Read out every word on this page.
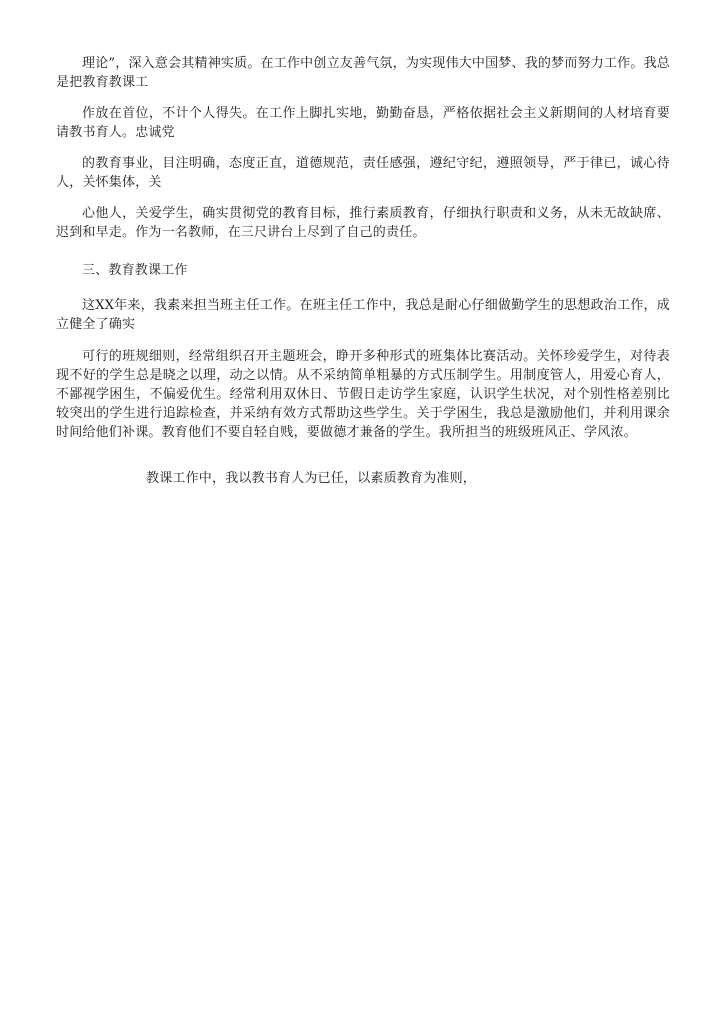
理论”，深入意会其精神实质。在工作中创立友善气氛，为实现伟大中国梦、我的梦而努力工作。我总是把教育教课工

作放在首位，不计个人得失。在工作上脚扎实地，勤勤奋恳，严格依据社会主义新期间的人材培育要请教书育人。忠诚党

的教育事业，目注明确，态度正直，道德规范，责任感强，遵纪守纪，遵照领导，严于律已，诚心待人，关怀集体，关

心他人，关爱学生，确实贯彻党的教育目标，推行素质教育，仔细执行职责和义务，从未无故缺席、迟到和早走。作为一名教师，在三尺讲台上尽到了自己的责任。

三、教育教课工作

这XX年来，我素来担当班主任工作。在班主任工作中，我总是耐心仔细做勤学生的思想政治工作，成立健全了确实

可行的班规细则，经常组织召开主题班会，睁开多种形式的班集体比赛活动。关怀珍爱学生，对待表现不好的学生总是晓之以理，动之以情。从不采纳简单粗暴的方式压制学生。用制度管人，用爱心育人，不鄙视学困生，不偏爱优生。经常利用双休日、节假日走访学生家庭，认识学生状况，对个别性格差别比较突出的学生进行追踪检查，并采纳有效方式帮助这些学生。关于学困生，我总是激励他们，并利用课余时间给他们补课。教育他们不要自轻自贱，要做德才兼备的学生。我所担当的班级班风正、学风浓。

教课工作中，我以教书育人为已任，以素质教育为准则，
